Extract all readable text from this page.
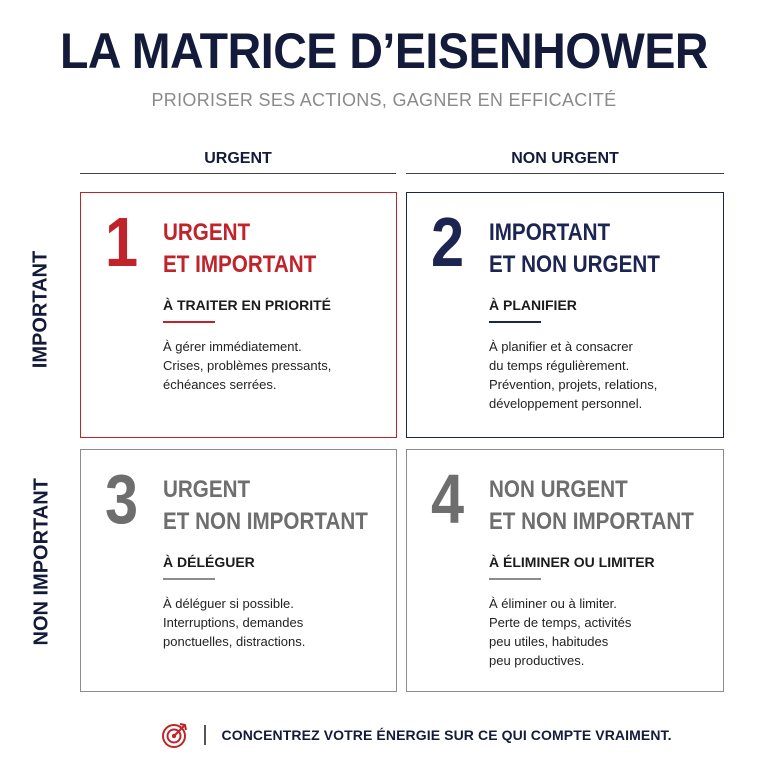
LA MATRICE D’EISENHOWER
PRIORISER SES ACTIONS, GAGNER EN EFFICACITÉ
URGENT	NON URGENT
IMPORTANT
NON IMPORTANT
1 URGENT
ET IMPORTANT
À TRAITER EN PRIORITÉ
À gérer immédiatement.
Crises, problèmes pressants,
échéances serrées.
2 IMPORTANT
ET NON URGENT
À PLANIFIER
À planifier et à consacrer
du temps régulièrement.
Prévention, projets, relations,
développement personnel.
3 URGENT
ET NON IMPORTANT
À DÉLÉGUER
À déléguer si possible.
Interruptions, demandes
ponctuelles, distractions.
4 NON URGENT
ET NON IMPORTANT
À ÉLIMINER OU LIMITER
À éliminer ou à limiter.
Perte de temps, activités
peu utiles, habitudes
peu productives.
CONCENTREZ VOTRE ÉNERGIE SUR CE QUI COMPTE VRAIMENT.
